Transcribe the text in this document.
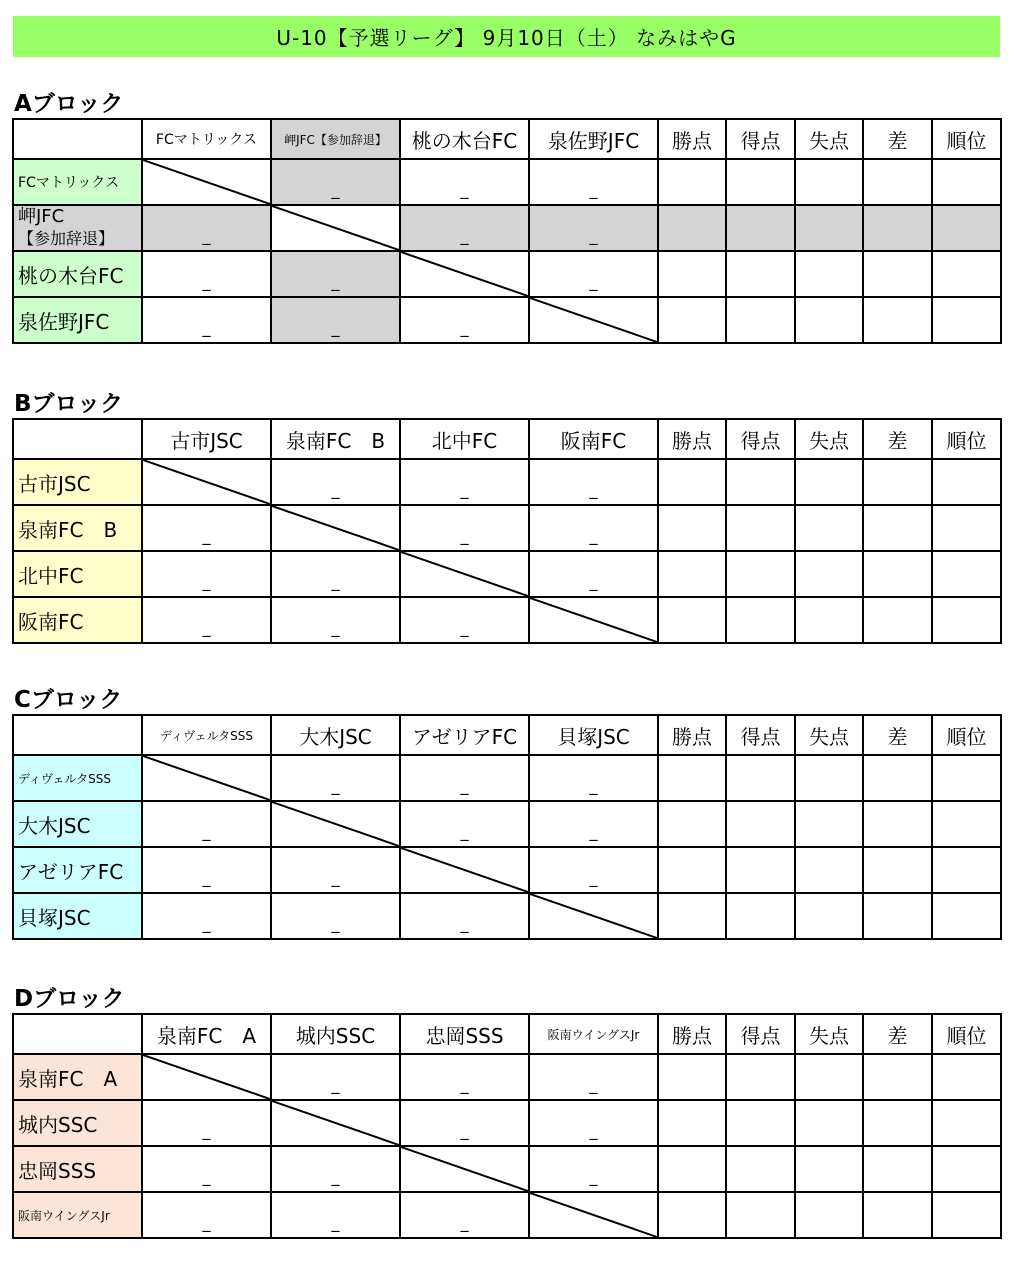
U-10【予選リーグ】 9月10日（土） なみはやG
Aブロック
	FCマトリックス	岬JFC【参加辞退】	桃の木台FC	泉佐野JFC	勝点	得点	失点	差	順位
FCマトリックス		_	_	_					

岬JFC
【参加辞退】	_		_	_					
桃の木台FC	_	_		_					
泉佐野JFC	_	_	_	

Bブロック
	古市JSC	泉南FC　B	北中FC	阪南FC	勝点	得点	失点	差	順位
古市JSC		_	_	_					
泉南FC　B	_		_	_					
北中FC	_	_		_					
阪南FC	_	_	_	

Cブロック
	ディヴェルタSSS	大木JSC	アゼリアFC	貝塚JSC	勝点	得点	失点	差	順位
ディヴェルタSSS		_	_	_					
大木JSC	_		_	_					
アゼリアFC	_	_		_					
貝塚JSC	_	_	_	

Dブロック
	泉南FC　A	城内SSC	忠岡SSS	阪南ウイングスJr	勝点	得点	失点	差	順位
泉南FC　A		_	_	_					
城内SSC	_		_	_					
忠岡SSS	_	_		_					
阪南ウイングスJr	_	_	_	
